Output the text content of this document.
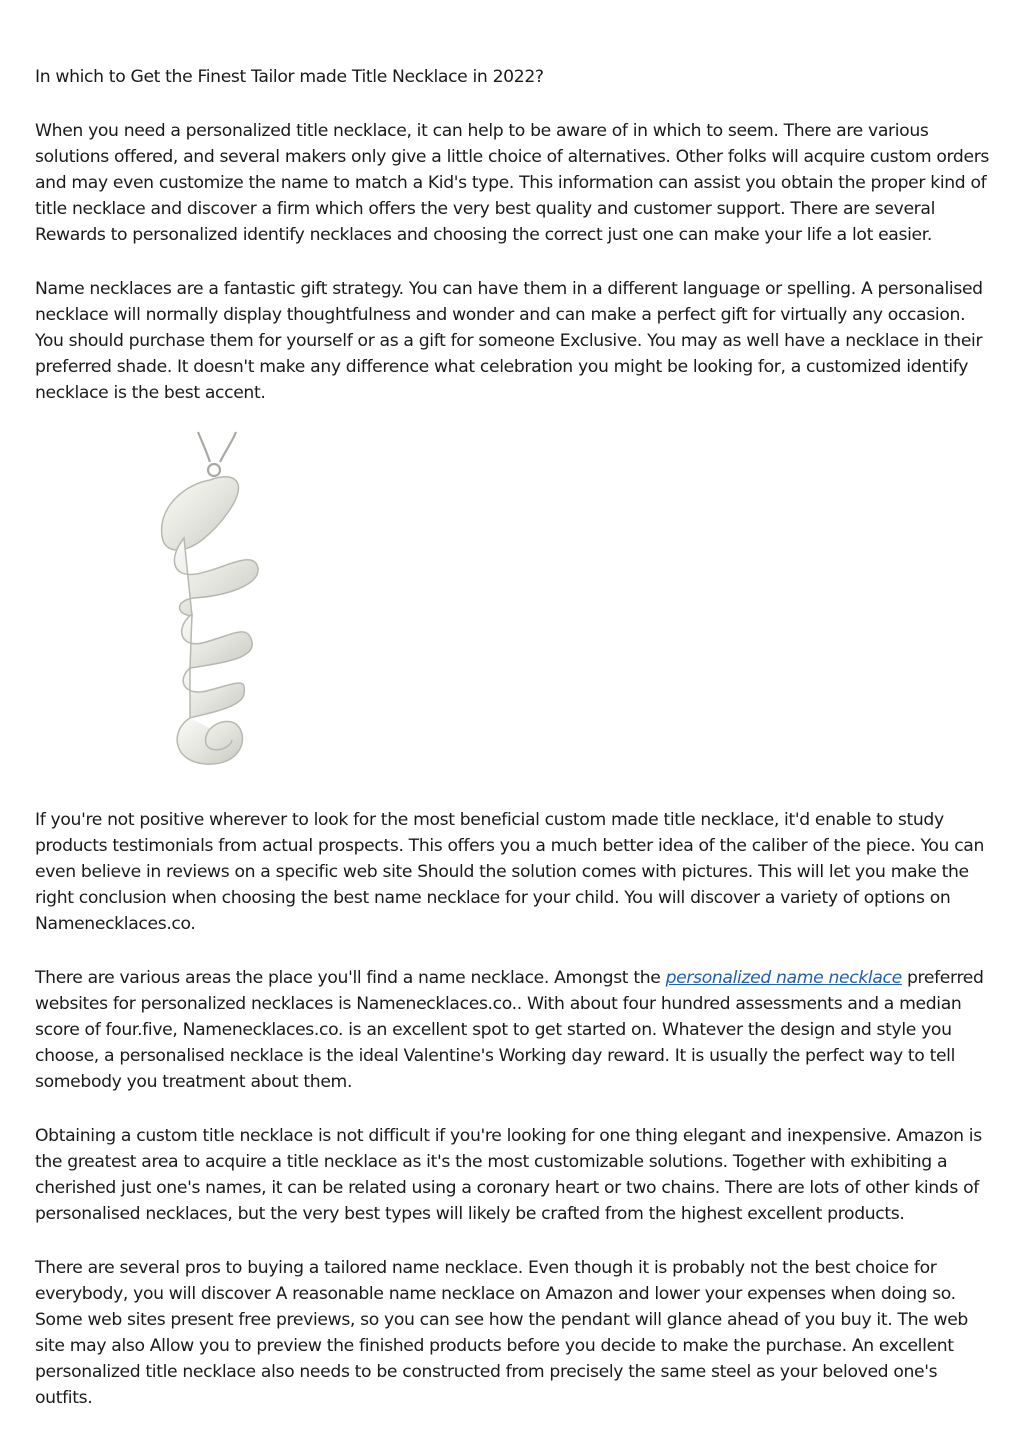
In which to Get the Finest Tailor made Title Necklace in 2022?

When you need a personalized title necklace, it can help to be aware of in which to seem. There are various solutions offered, and several makers only give a little choice of alternatives. Other folks will acquire custom orders and may even customize the name to match a Kid's type. This information can assist you obtain the proper kind of title necklace and discover a firm which offers the very best quality and customer support. There are several Rewards to personalized identify necklaces and choosing the correct just one can make your life a lot easier.

Name necklaces are a fantastic gift strategy. You can have them in a different language or spelling. A personalised necklace will normally display thoughtfulness and wonder and can make a perfect gift for virtually any occasion. You should purchase them for yourself or as a gift for someone Exclusive. You may as well have a necklace in their preferred shade. It doesn't make any difference what celebration you might be looking for, a customized identify necklace is the best accent.

If you're not positive wherever to look for the most beneficial custom made title necklace, it'd enable to study products testimonials from actual prospects. This offers you a much better idea of the caliber of the piece. You can even believe in reviews on a specific web site Should the solution comes with pictures. This will let you make the right conclusion when choosing the best name necklace for your child. You will discover a variety of options on Namenecklaces.co.

There are various areas the place you'll find a name necklace. Amongst the personalized name necklace preferred websites for personalized necklaces is Namenecklaces.co.. With about four hundred assessments and a median score of four.five, Namenecklaces.co. is an excellent spot to get started on. Whatever the design and style you choose, a personalised necklace is the ideal Valentine's Working day reward. It is usually the perfect way to tell somebody you treatment about them.

Obtaining a custom title necklace is not difficult if you're looking for one thing elegant and inexpensive. Amazon is the greatest area to acquire a title necklace as it's the most customizable solutions. Together with exhibiting a cherished just one's names, it can be related using a coronary heart or two chains. There are lots of other kinds of personalised necklaces, but the very best types will likely be crafted from the highest excellent products.

There are several pros to buying a tailored name necklace. Even though it is probably not the best choice for everybody, you will discover A reasonable name necklace on Amazon and lower your expenses when doing so. Some web sites present free previews, so you can see how the pendant will glance ahead of you buy it. The web site may also Allow you to preview the finished products before you decide to make the purchase. An excellent personalized title necklace also needs to be constructed from precisely the same steel as your beloved one's outfits.
